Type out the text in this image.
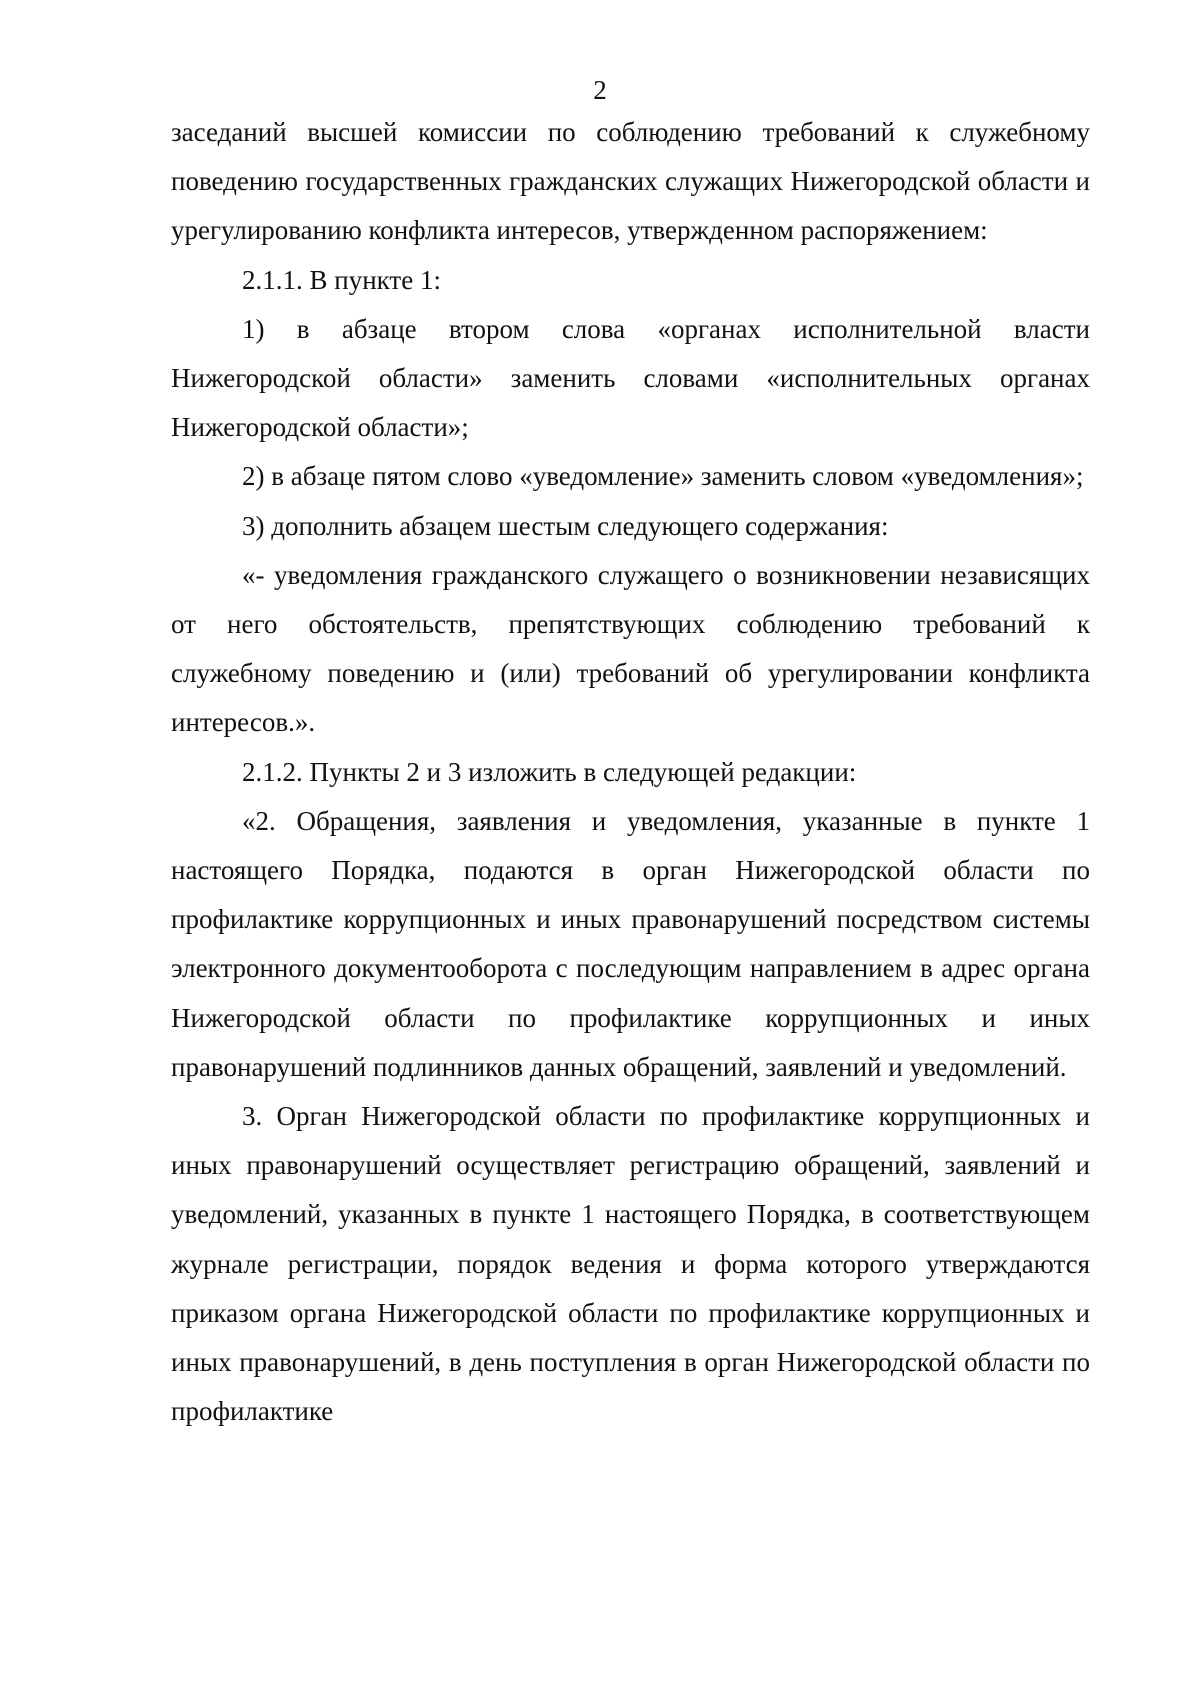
2

заседаний высшей комиссии по соблюдению требований к служебному поведению государственных гражданских служащих Нижегородской области и урегулированию конфликта интересов, утвержденном распоряжением:

2.1.1. В пункте 1:

1) в абзаце втором слова «органах исполнительной власти Нижегородской области» заменить словами «исполнительных органах Нижегородской области»;

2) в абзаце пятом слово «уведомление» заменить словом «уведомления»;

3) дополнить абзацем шестым следующего содержания:

«- уведомления гражданского служащего о возникновении независящих от него обстоятельств, препятствующих соблюдению требований к служебному поведению и (или) требований об урегулировании конфликта интересов.».

2.1.2. Пункты 2 и 3 изложить в следующей редакции:

«2. Обращения, заявления и уведомления, указанные в пункте 1 настоящего Порядка, подаются в орган Нижегородской области по профилактике коррупционных и иных правонарушений посредством системы электронного документооборота с последующим направлением в адрес органа Нижегородской области по профилактике коррупционных и иных правонарушений подлинников данных обращений, заявлений и уведомлений.

3. Орган Нижегородской области по профилактике коррупционных и иных правонарушений осуществляет регистрацию обращений, заявлений и уведомлений, указанных в пункте 1 настоящего Порядка, в соответствующем журнале регистрации, порядок ведения и форма которого утверждаются приказом органа Нижегородской области по профилактике коррупционных и иных правонарушений, в день поступления в орган Нижегородской области по профилактике
